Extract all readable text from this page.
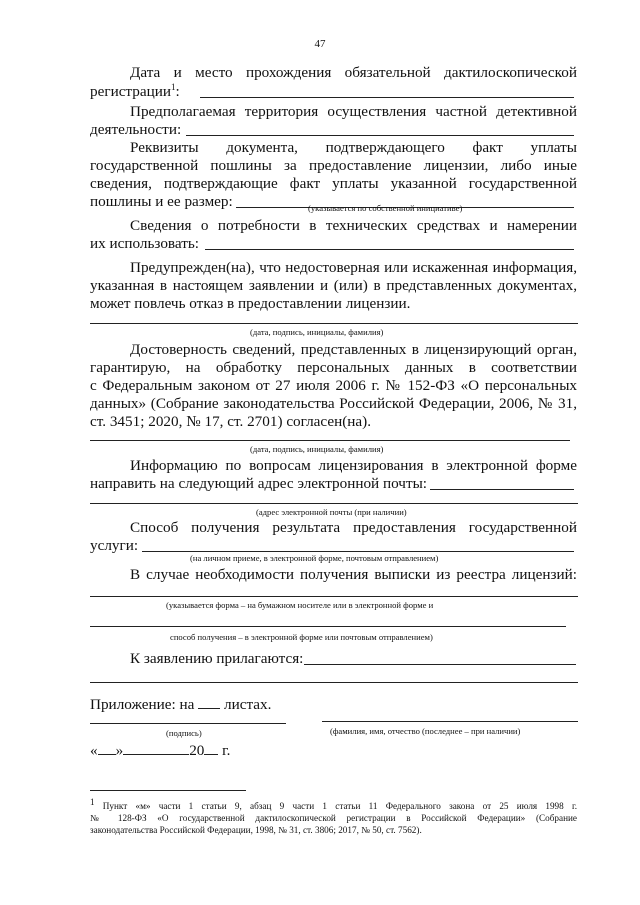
47
Дата и место прохождения обязательной дактилоскопической
регистрации$^1$:
Предполагаемая территория осуществления частной детективной
деятельности:
Реквизиты документа, подтверждающего факт уплаты
государственной пошлины за предоставление лицензии, либо иные
сведения, подтверждающие факт уплаты указанной государственной
пошлины и ее размер:	(указывается по собственной инициативе)
Сведения о потребности в технических средствах и намерении
их использовать:
Предупрежден(на), что недостоверная или искаженная информация,
указанная в настоящем заявлении и (или) в представленных документах,
может повлечь отказ в предоставлении лицензии.
(дата, подпись, инициалы, фамилия)
Достоверность сведений, представленных в лицензирующий орган,
гарантирую, на обработку персональных данных в соответствии
с Федеральным законом от 27 июля 2006 г. № 152-ФЗ «О персональных
данных» (Собрание законодательства Российской Федерации, 2006, № 31,
ст. 3451; 2020, № 17, ст. 2701) согласен(на).
(дата, подпись, инициалы, фамилия)
Информацию по вопросам лицензирования в электронной форме
направить на следующий адрес электронной почты:
(адрес электронной почты (при наличии)
Способ получения результата предоставления государственной
услуги:
(на личном приеме, в электронной форме, почтовым отправлением)
В случае необходимости получения выписки из реестра лицензий:
(указывается форма – на бумажном носителе или в электронной форме и
способ получения – в электронной форме или почтовым отправлением)
К заявлению прилагаются:
Приложение: на листах.
(подпись)	(фамилия, имя, отчество (последнее – при наличии)
« »	20 г.
$^1$ Пункт «м» части 1 статьи 9, абзац 9 части 1 статьи 11 Федерального закона от 25 июля 1998 г.
№ 128-ФЗ «О государственной дактилоскопической регистрации в Российской Федерации» (Собрание
законодательства Российской Федерации, 1998, № 31, ст. 3806; 2017, № 50, ст. 7562).
